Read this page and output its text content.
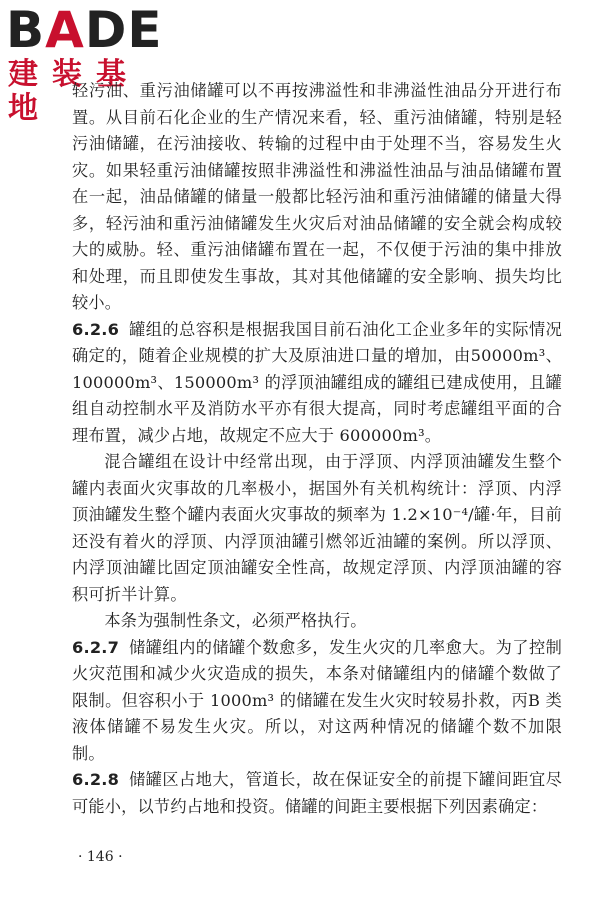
BADE
建装基地

轻污油、重污油储罐可以不再按沸溢性和非沸溢性油品分开进行布置。从目前石化企业的生产情况来看，轻、重污油储罐，特别是轻污油储罐，在污油接收、转输的过程中由于处理不当，容易发生火灾。如果轻重污油储罐按照非沸溢性和沸溢性油品与油品储罐布置在一起，油品储罐的储量一般都比轻污油和重污油储罐的储量大得多，轻污油和重污油储罐发生火灾后对油品储罐的安全就会构成较大的威胁。轻、重污油储罐布置在一起，不仅便于污油的集中排放和处理，而且即使发生事故，其对其他储罐的安全影响、损失均比较小。

6.2.6 罐组的总容积是根据我国目前石油化工企业多年的实际情况确定的，随着企业规模的扩大及原油进口量的增加，由50000m³、100000m³、150000m³ 的浮顶油罐组成的罐组已建成使用，且罐组自动控制水平及消防水平亦有很大提高，同时考虑罐组平面的合理布置，减少占地，故规定不应大于 600000m³。

混合罐组在设计中经常出现，由于浮顶、内浮顶油罐发生整个罐内表面火灾事故的几率极小，据国外有关机构统计：浮顶、内浮顶油罐发生整个罐内表面火灾事故的频率为 1.2×10⁻⁴/罐·年，目前还没有着火的浮顶、内浮顶油罐引燃邻近油罐的案例。所以浮顶、内浮顶油罐比固定顶油罐安全性高，故规定浮顶、内浮顶油罐的容积可折半计算。

本条为强制性条文，必须严格执行。

6.2.7 储罐组内的储罐个数愈多，发生火灾的几率愈大。为了控制火灾范围和减少火灾造成的损失，本条对储罐组内的储罐个数做了限制。但容积小于 1000m³ 的储罐在发生火灾时较易扑救，丙B 类液体储罐不易发生火灾。所以，对这两种情况的储罐个数不加限制。

6.2.8 储罐区占地大，管道长，故在保证安全的前提下罐间距宜尽可能小，以节约占地和投资。储罐的间距主要根据下列因素确定：

· 146 ·
